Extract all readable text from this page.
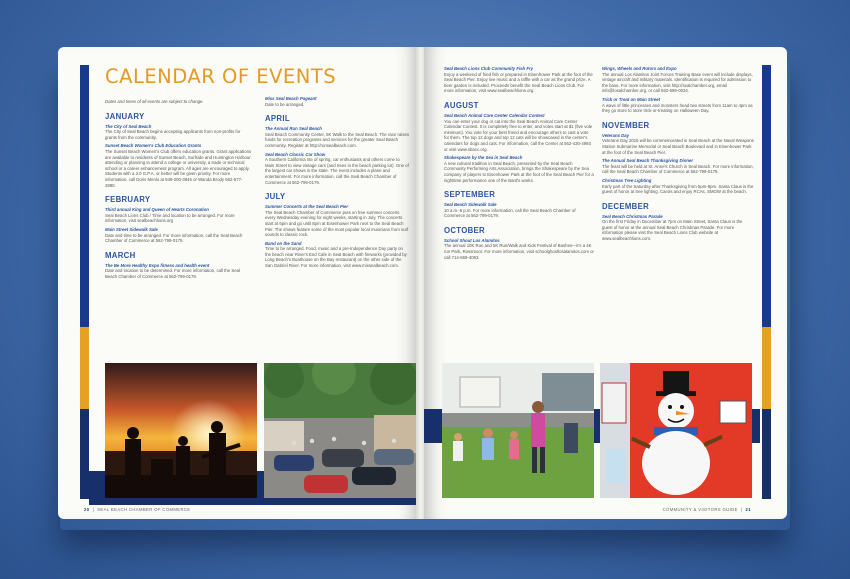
CALENDAR OF EVENTS
Dates and times of all events are subject to change.
JANUARY
The City of Seal Beach
The City of Seal Beach begins accepting applicants from non-profits for grants from the community.
Sunset Beach Women's Club Education Grants
The Sunset Beach Women's Club offers education grants. Grant applications are available to residents of Sunset Beach, Surfside and Huntington Harbour attending or planning to attend a college or university, a trade or technical school or a career enhancement program. All ages are encouraged to apply. Students with a 3.0 G.P.A. or better will be given priority. For more information, call Doris Menlo at 949-200-3946 or Wanda Brody 562-577-2880.
FEBRUARY
Third annual King and Queen of Hearts Coronation
Seal Beach Lions Club / Time and location to be arranged. For more information, visit sealbeachlions.org
Main Street Sidewalk Sale
Date and time to be arranged. For more information, call the Seal Beach Chamber of Commerce at 562-799-0179.
MARCH
The Be More Healthy Expo fitness and health event
Date and location to be determined. For more information, call the Seal Beach Chamber of Commerce at 562-799-0179.
Miss Seal Beach Pageant
Date to be arranged.
APRIL
The Annual Run Seal Beach
Seal Beach Community Center, 5K Walk to the Seal Beach. The race raises funds for recreation programs and services for the greater Seal Beach community. Register at http://runsealbeach.com.
Seal Beach Classic Car Show
A Southern California rite of spring, car enthusiasts and others come to Main Street to view vintage cars (and trees in the beach parking lot). One of the largest car shows in the state. The event includes a plane and entertainment. For more information, call the Seal Beach Chamber of Commerce at 562-799-0179.
JULY
Summer Concerts at the Seal Beach Pier
The Seal Beach Chamber of Commerce puts on free summer concerts every Wednesday evening for eight weeks, starting in July. The concerts start at 6pm and go until 8pm at Eisenhower Park next to the Seal Beach Pier. The shows feature some of the most popular local musicians from surf sounds to classic rock.
Band on the Sand
Time to be arranged. Food, music and a pre-Independence Day party on the beach near River's End Cafe in Seal Beach with fireworks (provided by Long Beach's Boathouse on the Bay restaurant) on the other side of the San Gabriel River. For more information, visit www.missealbeach.com.
20  |  SEAL BEACH CHAMBER OF COMMERCE
Seal Beach Lions Club Community Fish Fry
Enjoy a weekend of fried fish or prepared in Eisenhower Park at the foot of the Seal Beach Pier. Enjoy live music and a raffle with a car as the grand prize. A beer garden is included. Proceeds benefit the Seal Beach Lions Club. For more information, visit www.sealbeachlions.org.
AUGUST
Seal Beach Animal Care Center Calendar Contest
You can enter your dog or cat into the Seal Beach Animal Care Center Calendar Contest. It is completely free to enter, and votes start at $1 (five vote minimum). You vote for your best friend and encourage others to cast a vote for them. The top 12 dogs and top 12 cats will be showcased in the center's calendars for dogs and cats. For information, call the Center at 562-430-4993 or visit www.sbacc.org.
Shakespeare by the Sea in Seal Beach
A new cultural tradition in Seal Beach, presented by the Seal Beach Community Performing Arts Association, brings the Shakespeare by the Sea company of players to Eisenhower Park at the foot of the Seal Beach Pier for a nighttime performance one of the Bard's works.
SEPTEMBER
Seal Beach Sidewalk Sale
10 a.m.-6 p.m. For more information, call the Seal Beach Chamber of Commerce at 562-799-0179.
OCTOBER
School Shout Los Alamitos
The annual 10K Run and 5K Run/Walk and Kids Festival of Bashes—it's a 4K run Park, Rossmoor. For more information, visit schoolghostlosalamitos.com or call 714-669-4063.
Wings, Wheels and Rotors and Expo
The annual Los Alamitos Joint Forces Training Base event will include displays, vintage aircraft and military materials. Identification is required for admission to the base. For more information, visit http://sealchamber.org, email info@losalchamber.org, or call 562-598-0034.
Trick or Treat on Main Street
A wave of little princesses and monsters head two streets from 11am to 4pm as they go store to store trick-or-treating on Halloween Day.
NOVEMBER
Veterans Day
Veterans Day 2015 will be commemorated in Seal Beach at the Naval Weapons Station Submarine Memorial or Seal Beach Boulevard and in Eisenhower Park at the foot of the Seal Beach Pier.
The Annual Seal Beach Thanksgiving Dinner
The feast will be held at St. Anne's Church in Seal Beach. For more information, call the Seal Beach Chamber of Commerce at 562-799-0179.
Christmas Tree Lighting
Early part of the Saturday after Thanksgiving from 5pm-9pm. Santa Claus is the guest of honor at tree lighting. Carols and enjoy RCAs, SMOW at the beach.
DECEMBER
Seal Beach Christmas Parade
On the first Friday in December at 7pm on Main Street, Santa Claus is the guest of honor at the annual Seal Beach Christmas Parade. For more information please visit the Seal Beach Lions Club website at www.sealbeachlions.com.
COMMUNITY & VISITORS GUIDE  |  21
